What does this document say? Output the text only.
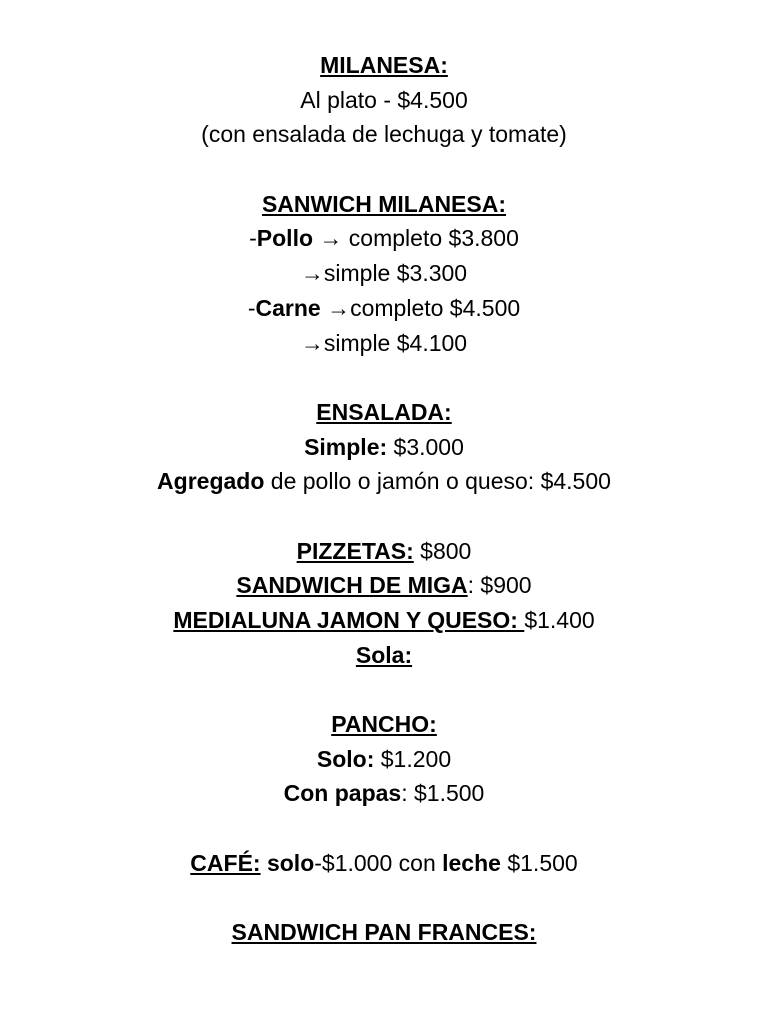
MILANESA:
Al plato - $4.500
(con ensalada de lechuga y tomate)
SANWICH MILANESA:
-Pollo → completo $3.800
→simple $3.300
-Carne →completo $4.500
→simple $4.100
ENSALADA:
Simple: $3.000
Agregado de pollo o jamón o queso: $4.500
PIZZETAS: $800
SANDWICH DE MIGA: $900
MEDIALUNA JAMON Y QUESO: $1.400
Sola:
PANCHO:
Solo: $1.200
Con papas: $1.500
CAFÉ: solo-$1.000 con leche $1.500
SANDWICH PAN FRANCES:
